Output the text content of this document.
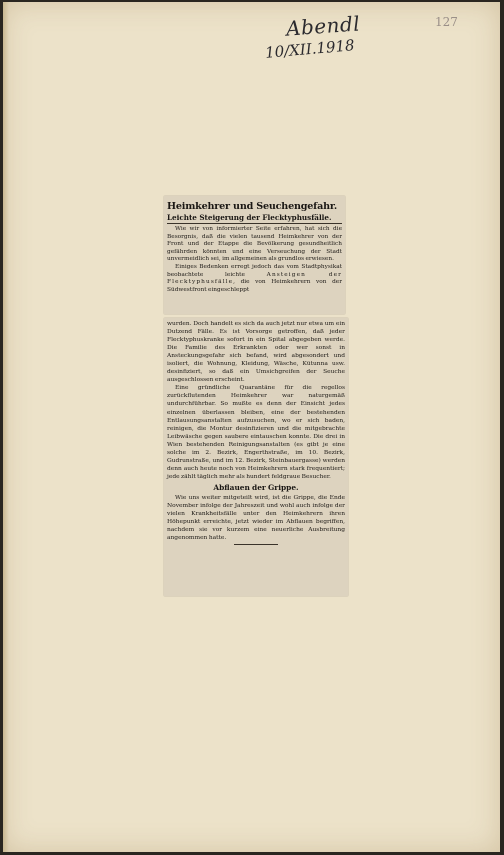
Abendl
10/XII.1918
127
Heimkehrer und Seuchengefahr.
Leichte Steigerung der Flecktyphusfälle.

Wie wir von informierter Seite erfahren, hat sich die Besorgnis, daß die vielen tausend Heimkehrer von der Front und der Etappe die Bevölkerung gesundheitlich gefährden könnten und eine Verseuchung der Stadt unvermeidlich sei, im allgemeinen als grundlos erwiesen.

Einiges Bedenken erregt jedoch das vom Stadtphysikat beobachtete leichte Ansteigen der Flecktyphusfälle, die von Heimkehrern von der Südwestfront eingeschleppt

wurden. Doch handelt es sich da auch jetzt nur etwa um ein Dutzend Fälle. Es ist Vorsorge getroffen, daß jeder Flecktyphuskranke sofort in ein Spital abgegeben werde. Die Familie des Erkrankten oder wer sonst in Ansteckungsgefahr sich befand, wird abgesondert und isoliert, die Wohnung, Kleidung, Wäsche, Kütunna usw. desinfiziert, so daß ein Umsichgreifen der Seuche ausgeschlossen erscheint.

Eine gründliche Quarantäne für die regellos zurückflutenden Heimkehrer war naturgemäß undurchführbar. So mußte es denn der Einsicht jedes einzelnen überlassen bleiben, eine der bestehenden Entlausungsanstalten aufzusuchen, wo er sich baden, reinigen, die Montur desinfizieren und die mitgebrachte Leibwäsche gegen saubere eintauschen konnte. Die drei in Wien bestehenden Reinigungsanstalten (es gibt je eine solche im 2. Bezirk, Engerthstraße, im 10. Bezirk, Gudrunstraße, und im 12. Bezirk, Steinbauergasse) werden denn auch heute noch von Heimkehrern stark frequentiert; jede zählt täglich mehr als hundert feldgraue Besucher.

Abflauen der Grippe.

Wie uns weiter mitgeteilt wird, ist die Grippe, die Ende November infolge der Jahreszeit und wohl auch infolge der vielen Krankheitsfälle unter den Heimkehrern ihren Höhepunkt erreichte, jetzt wieder im Abflauen begriffen, nachdem sie vor kurzem eine neuerliche Ausbreitung angenommen hatte.
